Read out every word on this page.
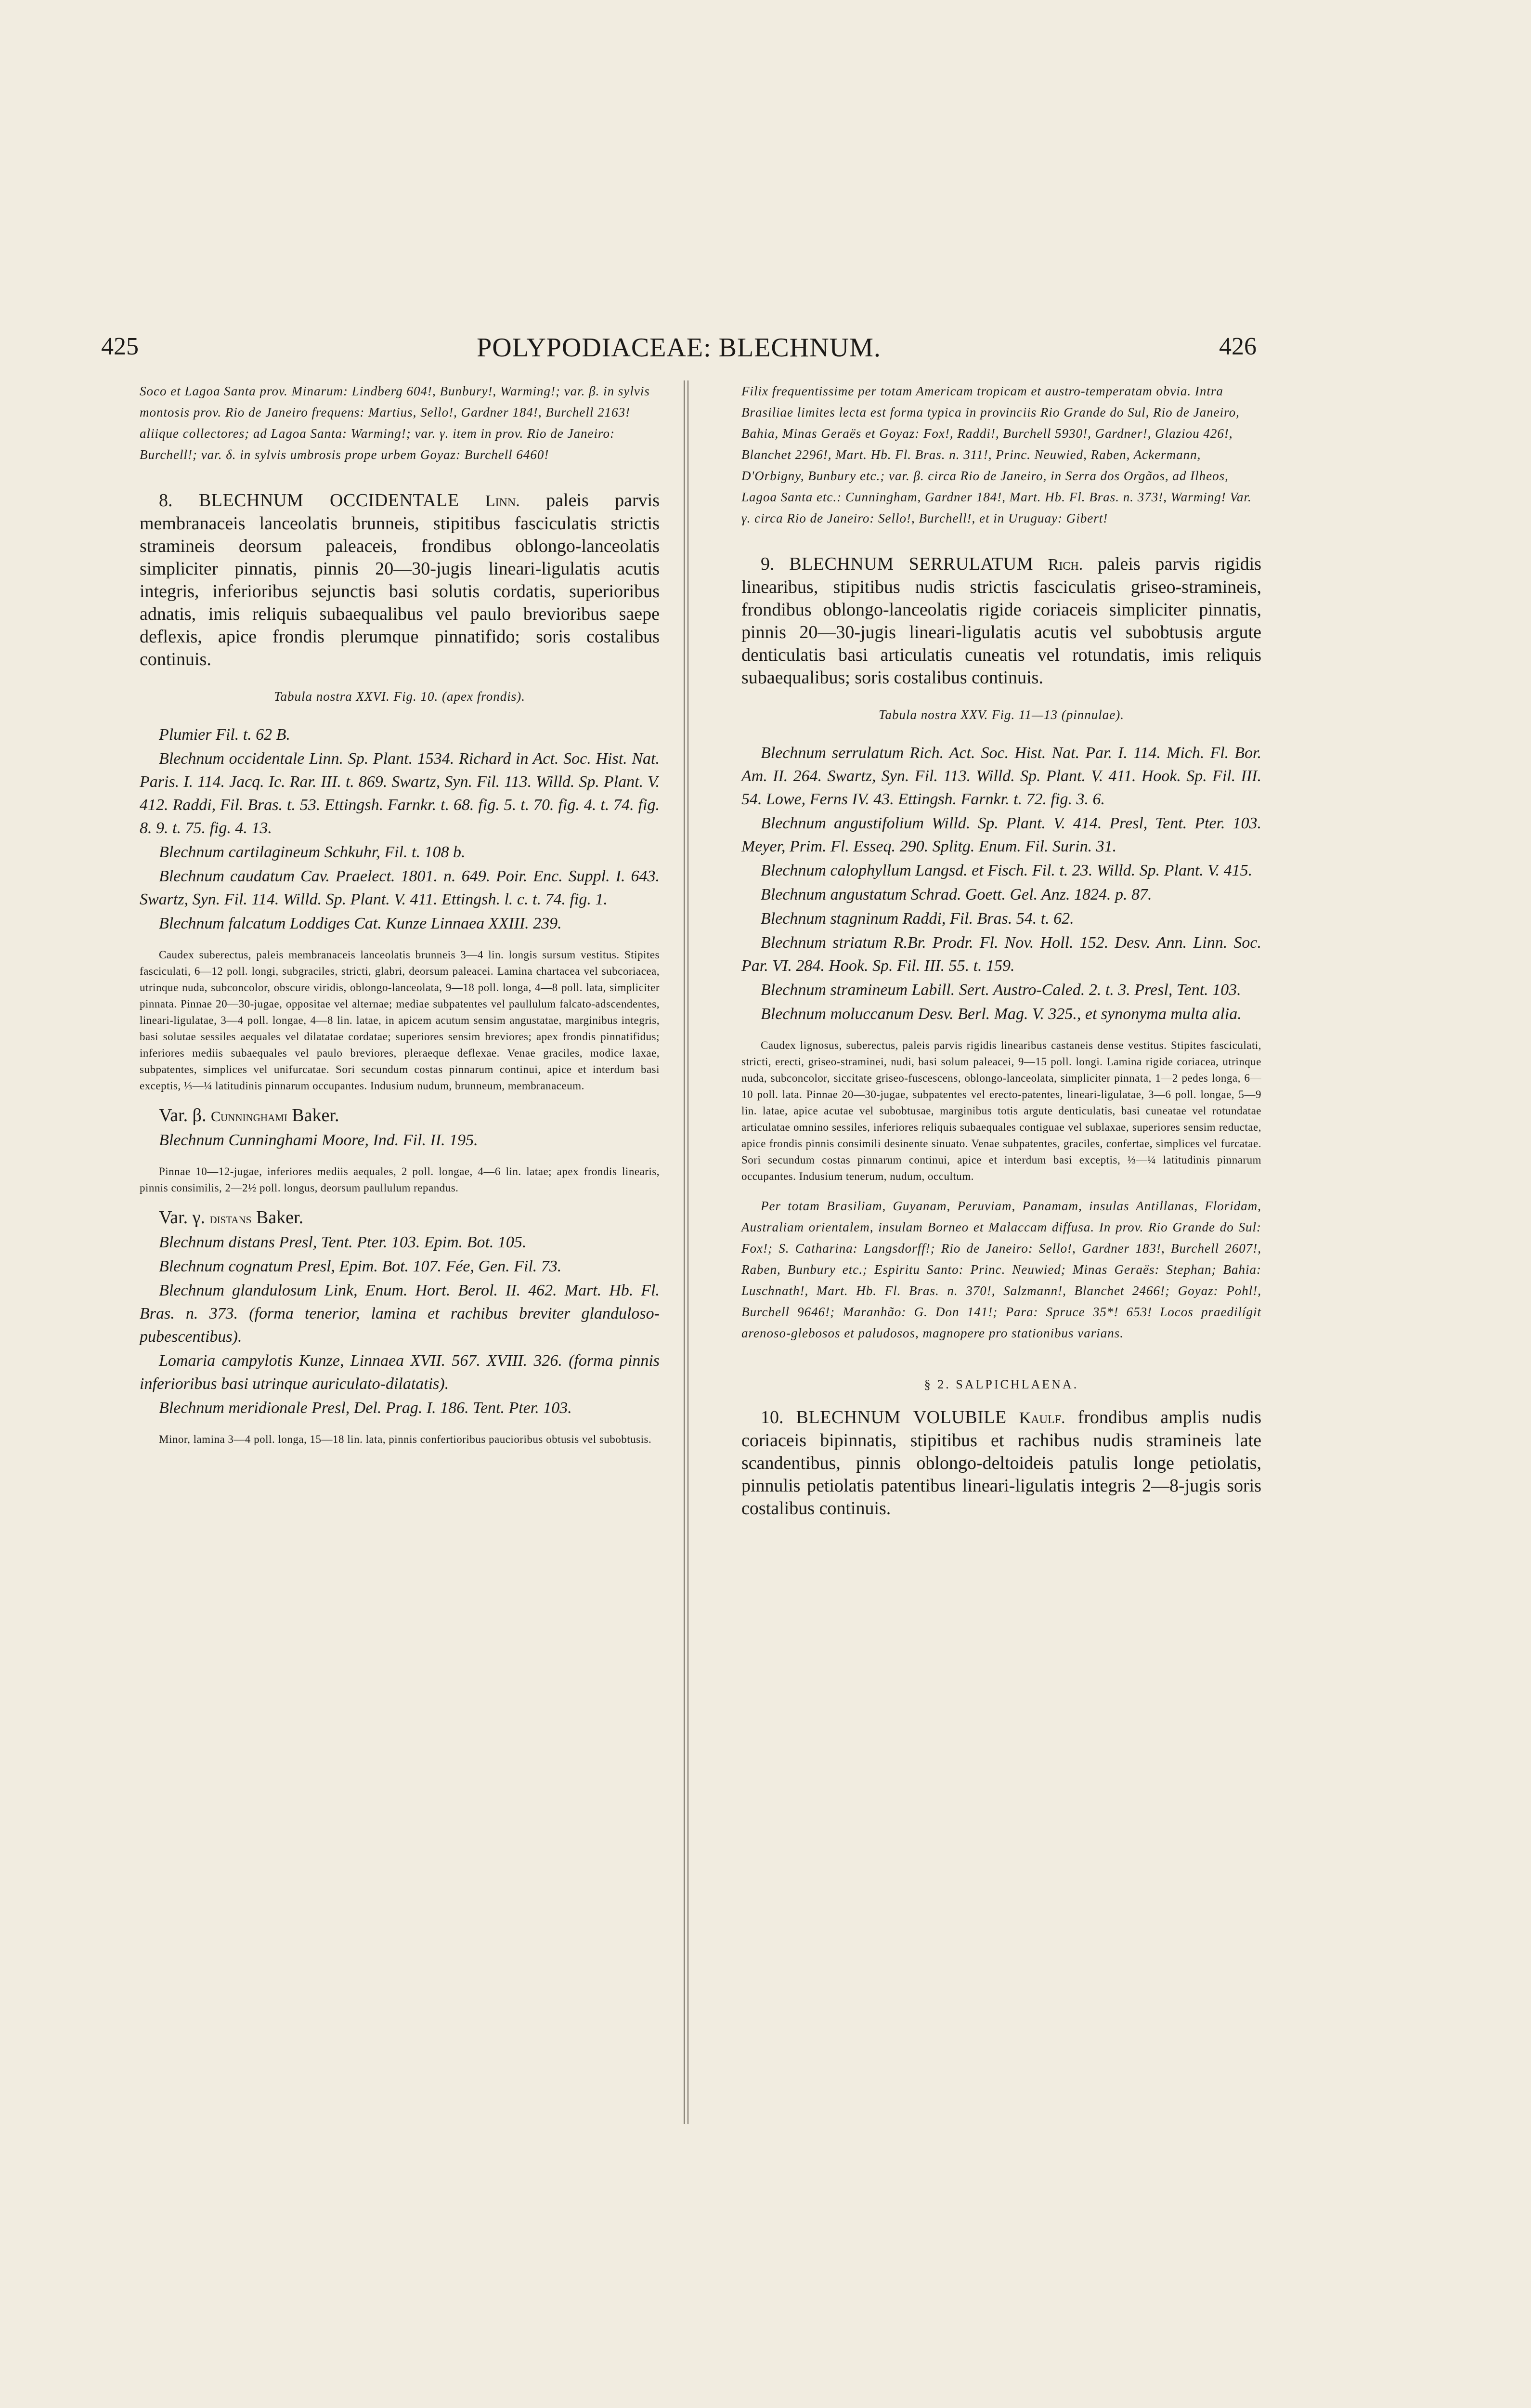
425	POLYPODIACEAE: BLECHNUM.	426

Soco et Lagoa Santa prov. Minarum: Lindberg 604!, Bunbury!, Warming!; var. β. in sylvis montosis prov. Rio de Janeiro frequens: Martius, Sello!, Gardner 184!, Burchell 2163! aliique collectores; ad Lagoa Santa: Warming!; var. γ. item in prov. Rio de Janeiro: Burchell!; var. δ. in sylvis umbrosis prope urbem Goyaz: Burchell 6460!

8. BLECHNUM OCCIDENTALE Linn. paleis parvis membranaceis lanceolatis brunneis, stipitibus fasciculatis strictis stramineis deorsum paleaceis, frondibus oblongo-lanceolatis simpliciter pinnatis, pinnis 20—30-jugis lineari-ligulatis acutis integris, inferioribus sejunctis basi solutis cordatis, superioribus adnatis, imis reliquis subaequalibus vel paulo brevioribus saepe deflexis, apice frondis plerumque pinnatifido; soris costalibus continuis.

Tabula nostra XXVI. Fig. 10. (apex frondis).

Plumier Fil. t. 62 B.

Blechnum occidentale Linn. Sp. Plant. 1534. Richard in Act. Soc. Hist. Nat. Paris. I. 114. Jacq. Ic. Rar. III. t. 869. Swartz, Syn. Fil. 113. Willd. Sp. Plant. V. 412. Raddi, Fil. Bras. t. 53. Ettingsh. Farnkr. t. 68. fig. 5. t. 70. fig. 4. t. 74. fig. 8. 9. t. 75. fig. 4. 13.

Blechnum cartilagineum Schkuhr, Fil. t. 108 b.

Blechnum caudatum Cav. Praelect. 1801. n. 649. Poir. Enc. Suppl. I. 643. Swartz, Syn. Fil. 114. Willd. Sp. Plant. V. 411. Ettingsh. l. c. t. 74. fig. 1.

Blechnum falcatum Loddiges Cat. Kunze Linnaea XXIII. 239.

Caudex suberectus, paleis membranaceis lanceolatis brunneis 3—4 lin. longis sursum vestitus. Stipites fasciculati, 6—12 poll. longi, subgraciles, stricti, glabri, deorsum paleacei. Lamina chartacea vel subcoriacea, utrinque nuda, subconcolor, obscure viridis, oblongo-lanceolata, 9—18 poll. longa, 4—8 poll. lata, simpliciter pinnata. Pinnae 20—30-jugae, oppositae vel alternae; mediae subpatentes vel paullulum falcato-adscendentes, lineari-ligulatae, 3—4 poll. longae, 4—8 lin. latae, in apicem acutum sensim angustatae, marginibus integris, basi solutae sessiles aequales vel dilatatae cordatae; superiores sensim breviores; apex frondis pinnatifidus; inferiores mediis subaequales vel paulo breviores, pleraeque deflexae. Venae graciles, modice laxae, subpatentes, simplices vel unifurcatae. Sori secundum costas pinnarum continui, apice et interdum basi exceptis, ⅓—¼ latitudinis pinnarum occupantes. Indusium nudum, brunneum, membranaceum.

Var. β. Cunninghami Baker.

Blechnum Cunninghami Moore, Ind. Fil. II. 195.

Pinnae 10—12-jugae, inferiores mediis aequales, 2 poll. longae, 4—6 lin. latae; apex frondis linearis, pinnis consimilis, 2—2½ poll. longus, deorsum paullulum repandus.

Var. γ. distans Baker.

Blechnum distans Presl, Tent. Pter. 103. Epim. Bot. 105.

Blechnum cognatum Presl, Epim. Bot. 107. Fée, Gen. Fil. 73.

Blechnum glandulosum Link, Enum. Hort. Berol. II. 462. Mart. Hb. Fl. Bras. n. 373. (forma tenerior, lamina et rachibus breviter glanduloso-pubescentibus).

Lomaria campylotis Kunze, Linnaea XVII. 567. XVIII. 326. (forma pinnis inferioribus basi utrinque auriculato-dilatatis).

Blechnum meridionale Presl, Del. Prag. I. 186. Tent. Pter. 103.

Minor, lamina 3—4 poll. longa, 15—18 lin. lata, pinnis confertioribus paucioribus obtusis vel subobtusis.

Filix frequentissime per totam Americam tropicam et austro-temperatam obvia. Intra Brasiliae limites lecta est forma typica in provinciis Rio Grande do Sul, Rio de Janeiro, Bahia, Minas Geraës et Goyaz: Fox!, Raddi!, Burchell 5930!, Gardner!, Glaziou 426!, Blanchet 2296!, Mart. Hb. Fl. Bras. n. 311!, Princ. Neuwied, Raben, Ackermann, D'Orbigny, Bunbury etc.; var. β. circa Rio de Janeiro, in Serra dos Orgãos, ad Ilheos, Lagoa Santa etc.: Cunningham, Gardner 184!, Mart. Hb. Fl. Bras. n. 373!, Warming! Var. γ. circa Rio de Janeiro: Sello!, Burchell!, et in Uruguay: Gibert!

9. BLECHNUM SERRULATUM Rich. paleis parvis rigidis linearibus, stipitibus nudis strictis fasciculatis griseo-stramineis, frondibus oblongo-lanceolatis rigide coriaceis simpliciter pinnatis, pinnis 20—30-jugis lineari-ligulatis acutis vel subobtusis argute denticulatis basi articulatis cuneatis vel rotundatis, imis reliquis subaequalibus; soris costalibus continuis.

Tabula nostra XXV. Fig. 11—13 (pinnulae).

Blechnum serrulatum Rich. Act. Soc. Hist. Nat. Par. I. 114. Mich. Fl. Bor. Am. II. 264. Swartz, Syn. Fil. 113. Willd. Sp. Plant. V. 411. Hook. Sp. Fil. III. 54. Lowe, Ferns IV. 43. Ettingsh. Farnkr. t. 72. fig. 3. 6.

Blechnum angustifolium Willd. Sp. Plant. V. 414. Presl, Tent. Pter. 103. Meyer, Prim. Fl. Esseq. 290. Splitg. Enum. Fil. Surin. 31.

Blechnum calophyllum Langsd. et Fisch. Fil. t. 23. Willd. Sp. Plant. V. 415.

Blechnum angustatum Schrad. Goett. Gel. Anz. 1824. p. 87.

Blechnum stagninum Raddi, Fil. Bras. 54. t. 62.

Blechnum striatum R.Br. Prodr. Fl. Nov. Holl. 152. Desv. Ann. Linn. Soc. Par. VI. 284. Hook. Sp. Fil. III. 55. t. 159.

Blechnum stramineum Labill. Sert. Austro-Caled. 2. t. 3. Presl, Tent. 103.

Blechnum moluccanum Desv. Berl. Mag. V. 325., et synonyma multa alia.

Caudex lignosus, suberectus, paleis parvis rigidis linearibus castaneis dense vestitus. Stipites fasciculati, stricti, erecti, griseo-straminei, nudi, basi solum paleacei, 9—15 poll. longi. Lamina rigide coriacea, utrinque nuda, subconcolor, siccitate griseo-fuscescens, oblongo-lanceolata, simpliciter pinnata, 1—2 pedes longa, 6—10 poll. lata. Pinnae 20—30-jugae, subpatentes vel erecto-patentes, lineari-ligulatae, 3—6 poll. longae, 5—9 lin. latae, apice acutae vel subobtusae, marginibus totis argute denticulatis, basi cuneatae vel rotundatae articulatae omnino sessiles, inferiores reliquis subaequales contiguae vel sublaxae, superiores sensim reductae, apice frondis pinnis consimili desinente sinuato. Venae subpatentes, graciles, confertae, simplices vel furcatae. Sori secundum costas pinnarum continui, apice et interdum basi exceptis, ⅓—¼ latitudinis pinnarum occupantes. Indusium tenerum, nudum, occultum.

Per totam Brasiliam, Guyanam, Peruviam, Panamam, insulas Antillanas, Floridam, Australiam orientalem, insulam Borneo et Malaccam diffusa. In prov. Rio Grande do Sul: Fox!; S. Catharina: Langsdorff!; Rio de Janeiro: Sello!, Gardner 183!, Burchell 2607!, Raben, Bunbury etc.; Espiritu Santo: Princ. Neuwied; Minas Geraës: Stephan; Bahia: Luschnath!, Mart. Hb. Fl. Bras. n. 370!, Salzmann!, Blanchet 2466!; Goyaz: Pohl!, Burchell 9646!; Maranhão: G. Don 141!; Para: Spruce 35*! 653! Locos praedilígit arenoso-glebosos et paludosos, magnopere pro stationibus varians.

§ 2. SALPICHLAENA.

10. BLECHNUM VOLUBILE Kaulf. frondibus amplis nudis coriaceis bipinnatis, stipitibus et rachibus nudis stramineis late scandentibus, pinnis oblongo-deltoideis patulis longe petiolatis, pinnulis petiolatis patentibus lineari-ligulatis integris 2—8-jugis soris costalibus continuis.
